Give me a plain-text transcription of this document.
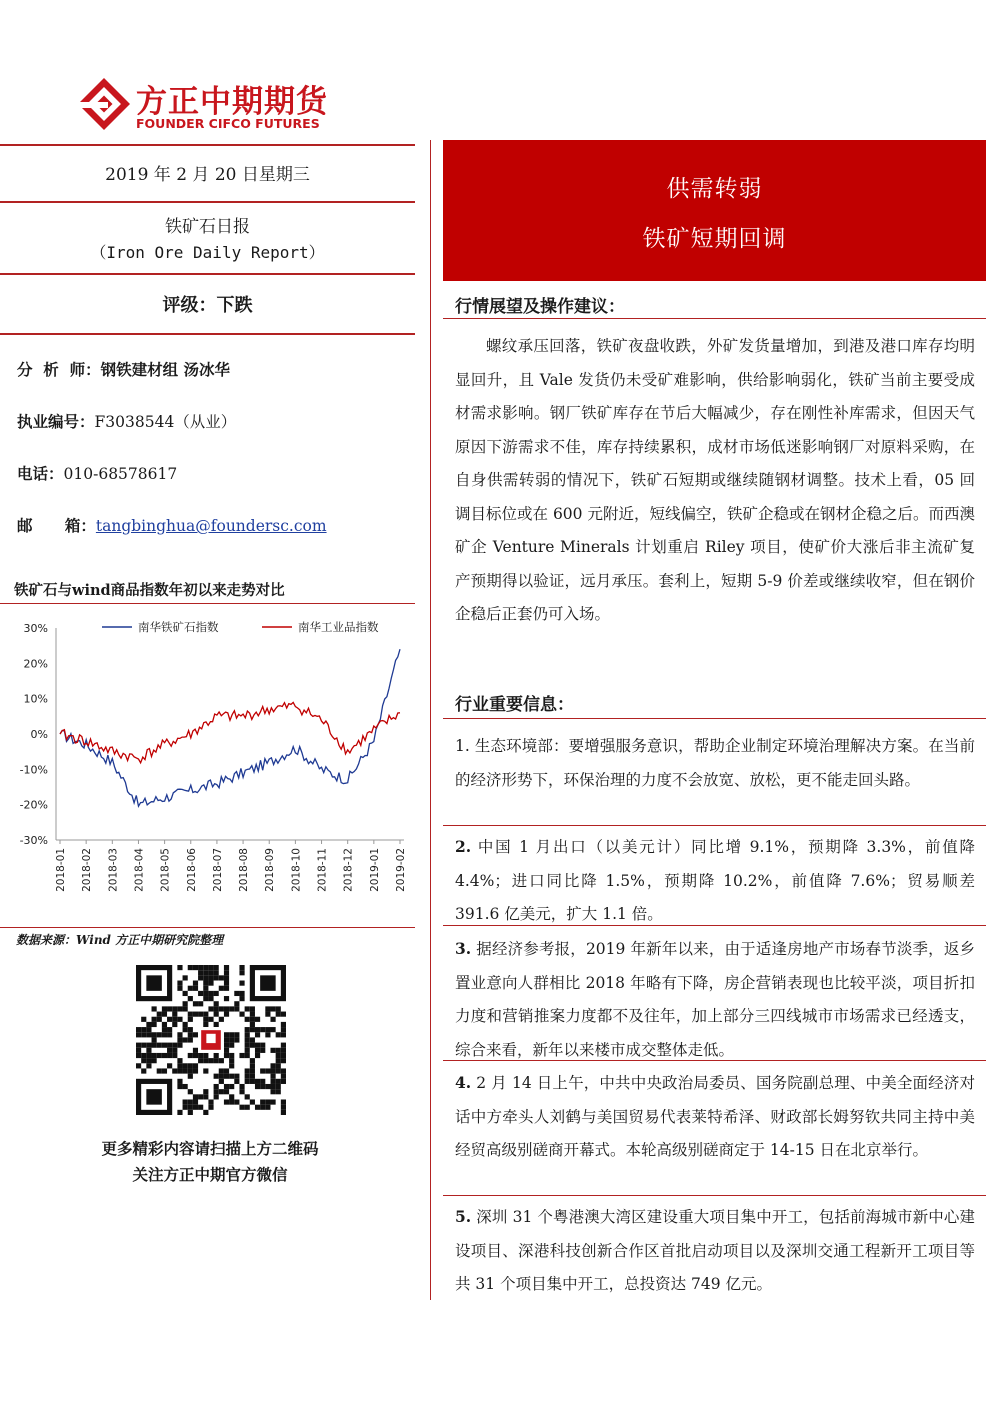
方正中期期货
FOUNDER CIFCO FUTURES
2019 年 2 月 20 日星期三
铁矿石日报
（Iron Ore Daily Report）
评级：下跌
分  析  师：钢铁建材组 汤冰华
执业编号：F3038544（从业）
电话：010-68578617
邮      箱：tangbinghua@foundersc.com
铁矿石与wind商品指数年初以来走势对比
30%
20%
10%
0%
-10%
-20%
-30%
2018-01 2018-02 2018-03 2018-04 2018-05 2018-06 2018-07 2018-08 2018-09 2018-10 2018-11 2018-12 2019-01 2019-02
南华铁矿石指数	南华工业品指数
数据来源：Wind 方正中期研究院整理
更多精彩内容请扫描上方二维码
关注方正中期官方微信
供需转弱
铁矿短期回调
行情展望及操作建议：
螺纹承压回落，铁矿夜盘收跌，外矿发货量增加，到港及港口库存均明显回升，且 Vale 发货仍未受矿难影响，供给影响弱化，铁矿当前主要受成材需求影响。钢厂铁矿库存在节后大幅减少，存在刚性补库需求，但因天气原因下游需求不佳，库存持续累积，成材市场低迷影响钢厂对原料采购，在自身供需转弱的情况下，铁矿石短期或继续随钢材调整。技术上看，05 回调目标位或在 600 元附近，短线偏空，铁矿企稳或在钢材企稳之后。而西澳矿企 Venture Minerals 计划重启 Riley 项目，使矿价大涨后非主流矿复产预期得以验证，远月承压。套利上，短期 5-9 价差或继续收窄，但在钢价企稳后正套仍可入场。
行业重要信息：
1. 生态环境部：要增强服务意识，帮助企业制定环境治理解决方案。在当前的经济形势下，环保治理的力度不会放宽、放松，更不能走回头路。
2. 中国 1 月出口（以美元计）同比增 9.1%，预期降 3.3%，前值降 4.4%；进口同比降 1.5%，预期降 10.2%，前值降 7.6%；贸易顺差 391.6 亿美元，扩大 1.1 倍。
3. 据经济参考报，2019 年新年以来，由于适逢房地产市场春节淡季，返乡置业意向人群相比 2018 年略有下降，房企营销表现也比较平淡，项目折扣力度和营销推案力度都不及往年，加上部分三四线城市市场需求已经透支，综合来看，新年以来楼市成交整体走低。
4. 2 月 14 日上午，中共中央政治局委员、国务院副总理、中美全面经济对话中方牵头人刘鹤与美国贸易代表莱特希泽、财政部长姆努钦共同主持中美经贸高级别磋商开幕式。本轮高级别磋商定于 14-15 日在北京举行。
5. 深圳 31 个粤港澳大湾区建设重大项目集中开工，包括前海城市新中心建设项目、深港科技创新合作区首批启动项目以及深圳交通工程新开工项目等共 31 个项目集中开工，总投资达 749 亿元。
